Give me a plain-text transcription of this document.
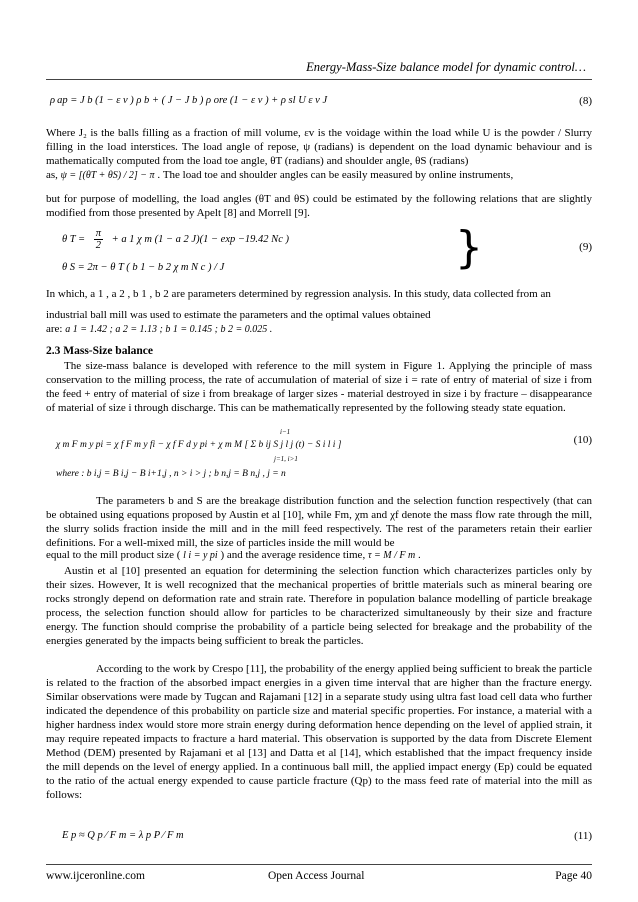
Energy-Mass-Size balance model for dynamic control…
ρ ap = J b (1 − ε v ) ρ b + ( J − J b ) ρ ore (1 − ε v ) + ρ sl U ε v J	(8)
Where J₂ is the balls filling as a fraction of mill volume, εv is the voidage within the load while U is the powder / Slurry filling in the load interstices. The load angle of repose, ψ (radians) is dependent on the load dynamic behaviour and is mathematically computed from the load toe angle, θT (radians) and shoulder angle, θS (radians)
as, ψ = [(θT + θS) / 2] − π . The load toe and shoulder angles can be easily measured by online instruments,
but for purpose of modelling, the load angles (θT and θS) could be estimated by the following relations that are slightly modified from those presented by Apelt [8] and Morrell [9].
θ $T = \frac{\pi}{2} + a$ 1 χ m (1 − a 2 J)(1 − exp −19.42 Nc )
θ S = 2π − θ T ( b 1 − b 2 χ m N c ) / J	}	(9)
In which, a 1 , a 2 , b 1 , b 2 are parameters determined by regression analysis. In this study, data collected from an
industrial ball mill was used to estimate the parameters and the optimal values obtained
are: a 1 = 1.42 ; a 2 = 1.13 ; b 1 = 0.145 ; b 2 = 0.025 .
2.3 Mass-Size balance
The size-mass balance is developed with reference to the mill system in Figure 1. Applying the principle of mass conservation to the milling process, the rate of accumulation of material of size i = rate of entry of material of size i from the feed + entry of material of size i from breakage of larger sizes - material destroyed in size i by fracture – disappearance of material of size i through discharge. This can be mathematically represented by the following steady state equation.
i−1
χ m F m y pi = χ f F m y fi − χ f F d y pi + χ m M [ Σ b ij S j l j (t) − S i l i ]
j=1, i>1
where : b i,j = B i,j − B i+1,j , n > i > j ; b n,j = B n,j , j = n
(10)
The parameters b and S are the breakage distribution function and the selection function respectively (that can be obtained using equations proposed by Austin et al [10], while Fm, χm and χf denote the mass flow rate through the mill, the slurry solids fraction inside the mill and in the mill feed respectively. The rest of the parameters retain their earlier definitions. For a well-mixed mill, the size of particles inside the mill would be
equal to the mill product size ( l i = y pi ) and the average residence time, τ = M / F m .
Austin et al [10] presented an equation for determining the selection function which characterizes particles only by their sizes. However, It is well recognized that the mechanical properties of brittle materials such as mineral bearing ore rocks strongly depend on deformation rate and strain rate. Therefore in population balance modelling of particle breakage process, the selection function should allow for particles to be characterized simultaneously by their size and fracture energy. The function should comprise the probability of a particle being selected for breakage and the probability of the energies generated by the impacts being sufficient to break the particles.
According to the work by Crespo [11], the probability of the energy applied being sufficient to break the particle is related to the fraction of the absorbed impact energies in a given time interval that are higher than the fracture energy. Similar observations were made by Tugcan and Rajamani [12] in a separate study using ultra fast load cell data who further indicated the dependence of this probability on particle size and material specific properties. For instance, a material with a higher hardness index would store more strain energy during deformation hence depending on the level of applied strain, it may require repeated impacts to fracture a hard material. This observation is supported by the data from Discrete Element Method (DEM) presented by Rajamani et al [13] and Datta et al [14], which established that the impact frequency inside the mill depends on the level of energy applied. In a continuous ball mill, the applied impact energy (Ep) could be equated to the ratio of the actual energy expended to cause particle fracture (Qp) to the mass feed rate of material into the mill as follows:
E p ≈ Q p ⁄ F m = λ p P ⁄ F m	(11)
www.ijceronline.com	Open Access Journal	Page 40
